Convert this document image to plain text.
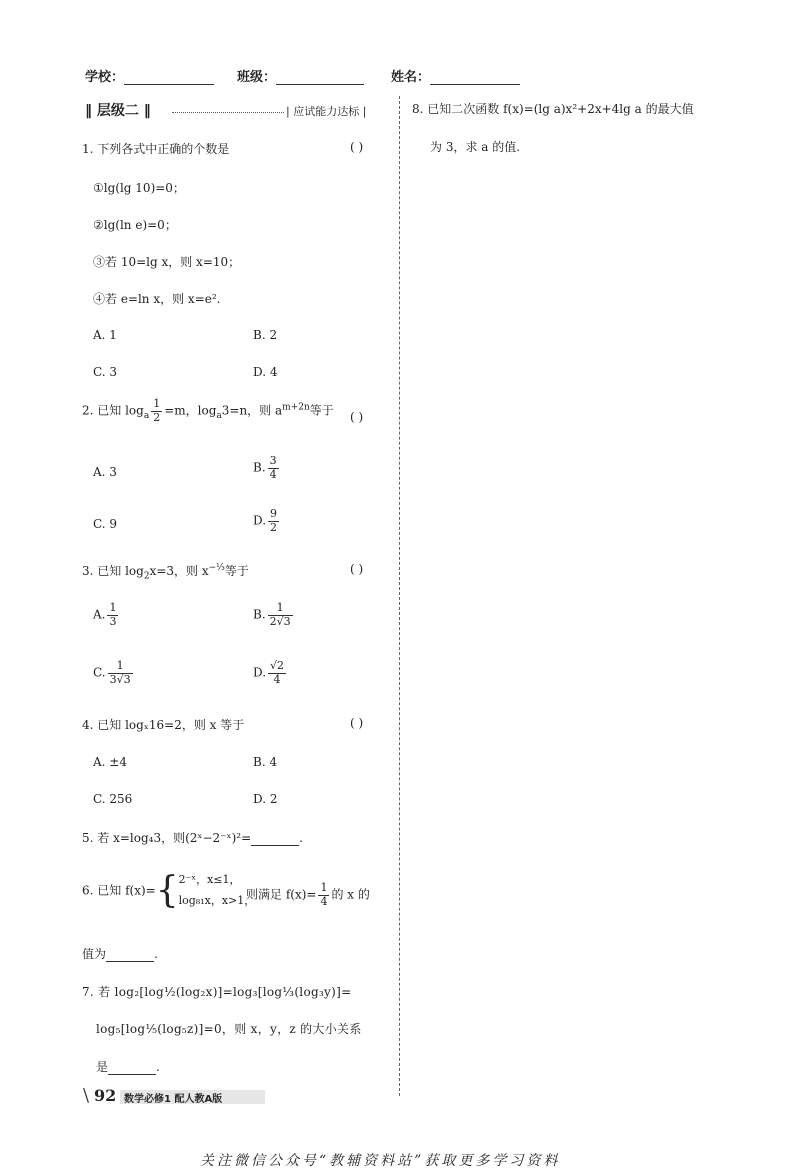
学校：	班级：	姓名：
‖ 层级二 ‖	| 应试能力达标 |
1. 下列各式中正确的个数是	( )
①lg(lg 10)=0；
②lg(ln e)=0；
③若 10=lg x，则 x=10；
④若 e=ln x，则 x=e².
A. 1	B. 2
C. 3	D. 4
2. 已知 $\log_a \frac{1}{2} =m$，$\log_a3=n$，则 $a^{m+2n}$等于 ( )
A. 3	B. $\frac{3}{4}$
C. 9	D. $\frac{9}{2}$
3. 已知 $\log_2x=3$，则 $x^{-\frac{1}{3}}$等于	( )
A. $\frac{1}{3}$	B. $\frac{1}{2√3}$
C. $\frac{1}{3√3}$	D. $\frac{√2}{4}$
4. 已知 logₓ16=2，则 x 等于	( )
A. ±4	B. 4
C. 256	D. 2
5. 若 x=log₄3，则(2ˣ−2⁻ˣ)²=	.
6. 已知 f(x)={2⁻ˣ，x≤1，
log₈₁x，x>1，
则满足 $f(x)= \frac{1}{4}$ 的 x 的
值为	.
7. 若 log₂[log½(log₂x)]=log₃[log⅓(log₃y)]=
log₅[log⅕(log₅z)]=0，则 x，y，z 的大小关系
是	.
8. 已知二次函数 f(x)=(lg a)x²+2x+4lg a 的最大值
为 3，求 a 的值.
\ 92 数学必修1 配人教A版
关注微信公众号“教辅资料站”获取更多学习资料
